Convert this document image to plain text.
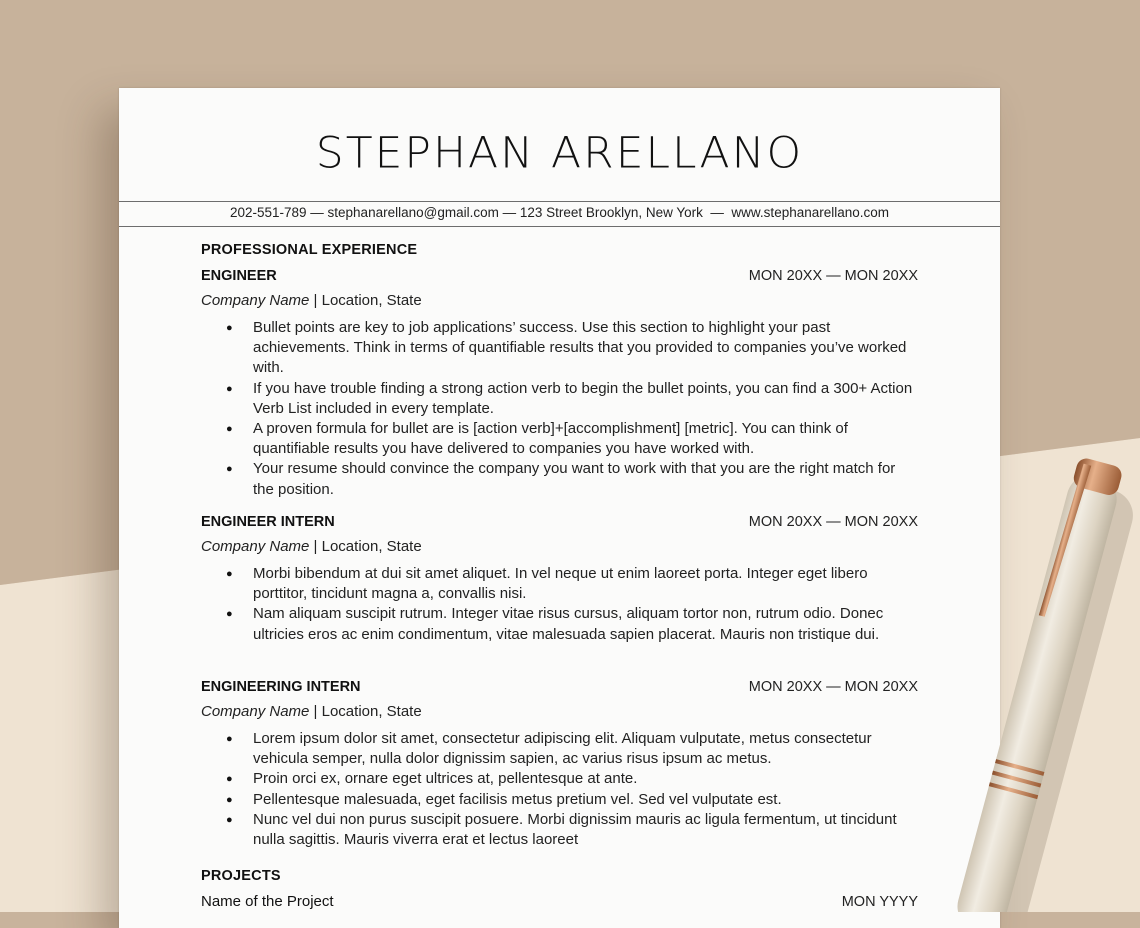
STEPHAN ARELLANO
202-551-789 — stephanarellano@gmail.com — 123 Street Brooklyn, New York  —  www.stephanarellano.com
PROFESSIONAL EXPERIENCE
ENGINEER	MON 20XX — MON 20XX
Company Name | Location, State
● Bullet points are key to job applications’ success. Use this section to highlight your past achievements. Think in terms of quantifiable results that you provided to companies you’ve worked with.
● If you have trouble finding a strong action verb to begin the bullet points, you can find a 300+ Action Verb List included in every template.
● A proven formula for bullet are is [action verb]+[accomplishment] [metric]. You can think of quantifiable results you have delivered to companies you have worked with.
● Your resume should convince the company you want to work with that you are the right match for the position.
ENGINEER INTERN	MON 20XX — MON 20XX
Company Name | Location, State
● Morbi bibendum at dui sit amet aliquet. In vel neque ut enim laoreet porta. Integer eget libero porttitor, tincidunt magna a, convallis nisi.
● Nam aliquam suscipit rutrum. Integer vitae risus cursus, aliquam tortor non, rutrum odio. Donec ultricies eros ac enim condimentum, vitae malesuada sapien placerat. Mauris non tristique dui.
ENGINEERING INTERN	MON 20XX — MON 20XX
Company Name | Location, State
● Lorem ipsum dolor sit amet, consectetur adipiscing elit. Aliquam vulputate, metus consectetur vehicula semper, nulla dolor dignissim sapien, ac varius risus ipsum ac metus.
● Proin orci ex, ornare eget ultrices at, pellentesque at ante.
● Pellentesque malesuada, eget facilisis metus pretium vel. Sed vel vulputate est.
● Nunc vel dui non purus suscipit posuere. Morbi dignissim mauris ac ligula fermentum, ut tincidunt nulla sagittis. Mauris viverra erat et lectus laoreet
PROJECTS
Name of the Project	MON YYYY
